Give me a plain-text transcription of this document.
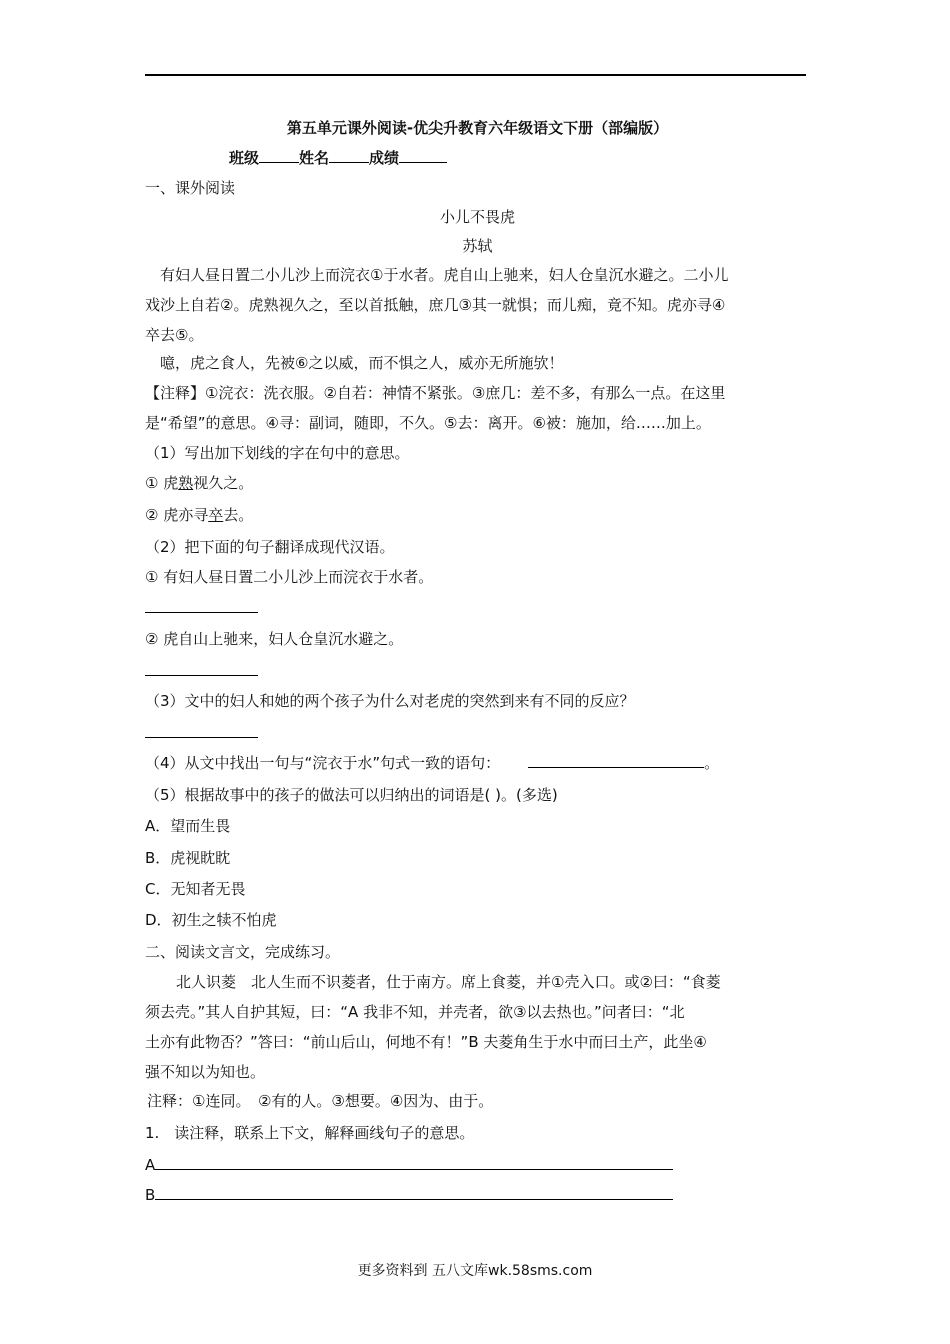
第五单元课外阅读-优尖升教育六年级语文下册（部编版）
班级	姓名	成绩
一、课外阅读
小儿不畏虎
苏轼
有妇人昼日置二小儿沙上而浣衣①于水者。虎自山上驰来，妇人仓皇沉水避之。二小儿
戏沙上自若②。虎熟视久之，至以首抵触，庶几③其一就惧；而儿痴，竟不知。虎亦寻④
卒去⑤。
噫，虎之食人，先被⑥之以威，而不惧之人，威亦无所施欤！
【注释】①浣衣：洗衣服。②自若：神情不紧张。③庶几：差不多，有那么一点。在这里
是“希望”的意思。④寻：副词，随即，不久。⑤去：离开。⑥被：施加，给……加上。
（1）写出加下划线的字在句中的意思。
① 虎熟视久之。
② 虎亦寻卒去。
（2）把下面的句子翻译成现代汉语。
① 有妇人昼日置二小儿沙上而浣衣于水者。
② 虎自山上驰来，妇人仓皇沉水避之。
（3）文中的妇人和她的两个孩子为什么对老虎的突然到来有不同的反应？
（4）从文中找出一句与“浣衣于水”句式一致的语句：	。
（5）根据故事中的孩子的做法可以归纳出的词语是( )。(多选)
A．望而生畏
B．虎视眈眈
C．无知者无畏
D．初生之犊不怕虎
二、阅读文言文，完成练习。
北人识菱　北人生而不识菱者，仕于南方。席上食菱，并①壳入口。或②曰：“食菱
须去壳。”其人自护其短，曰：“A 我非不知，并壳者，欲③以去热也。”问者曰：“北
土亦有此物否？”答曰：“前山后山，何地不有！”B 夫菱角生于水中而曰土产，此坐④
强不知以为知也。
注释：①连同。　②有的人。③想要。④因为、由于。
1.　读注释，联系上下文，解释画线句子的意思。
A
B
更多资料到 五八文库wk.58sms.com
